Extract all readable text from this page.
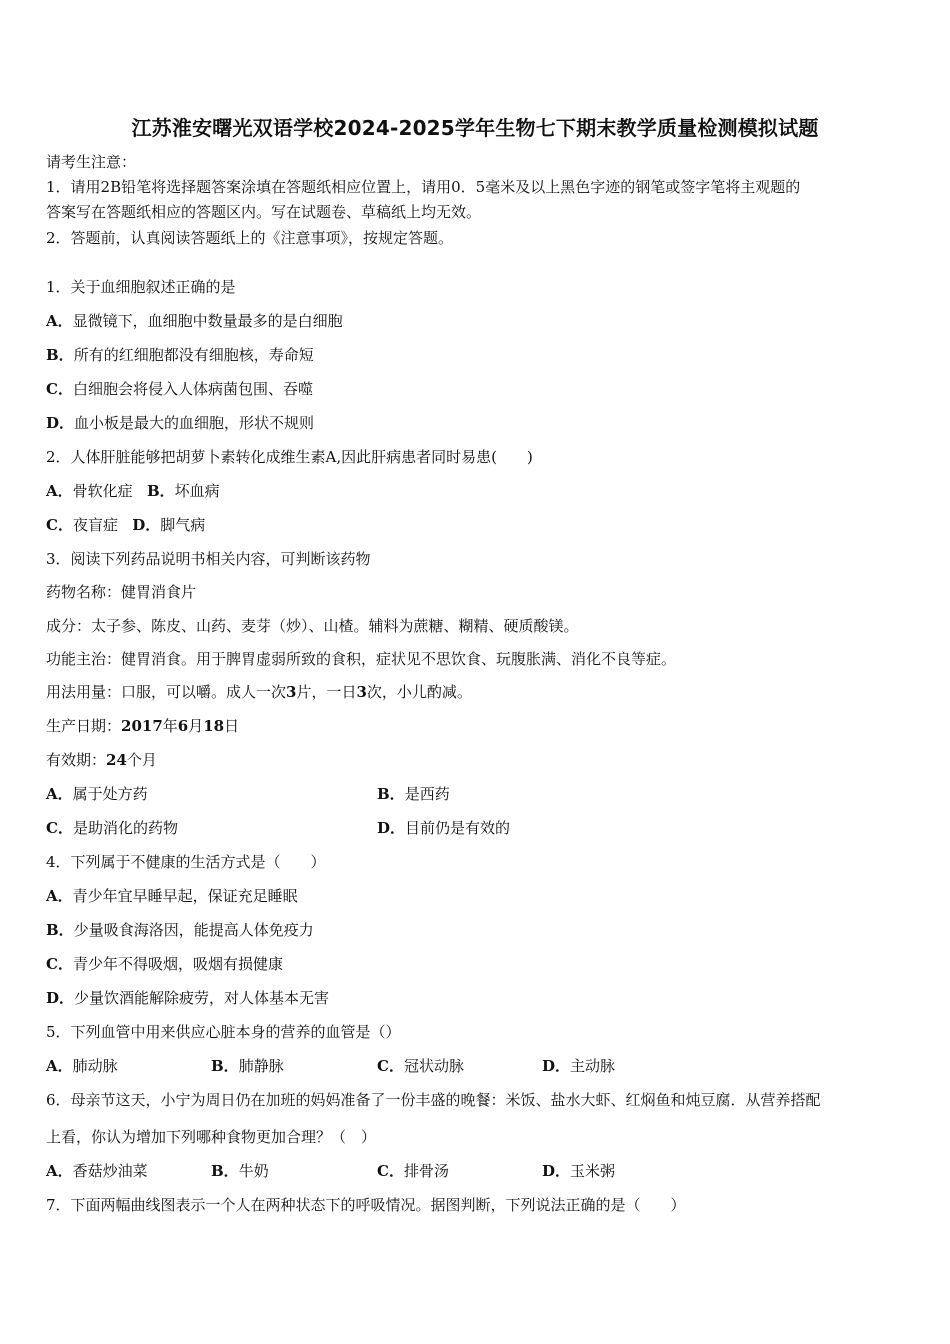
江苏淮安曙光双语学校2024-2025学年生物七下期末教学质量检测模拟试题
请考生注意：
1．请用2B铅笔将选择题答案涂填在答题纸相应位置上，请用0．5毫米及以上黑色字迹的钢笔或签字笔将主观题的
答案写在答题纸相应的答题区内。写在试题卷、草稿纸上均无效。
2．答题前，认真阅读答题纸上的《注意事项》，按规定答题。
1．关于血细胞叙述正确的是
A．显微镜下，血细胞中数量最多的是白细胞
B．所有的红细胞都没有细胞核，寿命短
C．白细胞会将侵入人体病菌包围、吞噬
D．血小板是最大的血细胞，形状不规则
2．人体肝脏能够把胡萝卜素转化成维生素A,因此肝病患者同时易患(　　)
A．骨软化症 B．坏血病
C．夜盲症 D．脚气病
3．阅读下列药品说明书相关内容，可判断该药物
药物名称：健胃消食片
成分：太子参、陈皮、山药、麦芽（炒）、山楂。辅料为蔗糖、糊精、硬质酸镁。
功能主治：健胃消食。用于脾胃虚弱所致的食积，症状见不思饮食、玩腹胀满、消化不良等症。
用法用量：口服，可以嚼。成人一次3片，一日3次，小儿酌减。
生产日期：2017年6月18日
有效期：24个月
A．属于处方药	B．是西药
C．是助消化的药物	D．目前仍是有效的
4．下列属于不健康的生活方式是（　　）
A．青少年宜早睡早起，保证充足睡眠
B．少量吸食海洛因，能提高人体免疫力
C．青少年不得吸烟，吸烟有损健康
D．少量饮酒能解除疲劳，对人体基本无害
5．下列血管中用来供应心脏本身的营养的血管是（）
A．肺动脉	B．肺静脉	C．冠状动脉	D．主动脉
6．母亲节这天，小宁为周日仍在加班的妈妈准备了一份丰盛的晚餐：米饭、盐水大虾、红焖鱼和炖豆腐．从营养搭配
上看，你认为增加下列哪种食物更加合理？（　）
A．香菇炒油菜	B．牛奶	C．排骨汤	D．玉米粥
7．下面两幅曲线图表示一个人在两种状态下的呼吸情况。据图判断，下列说法正确的是（　　）
